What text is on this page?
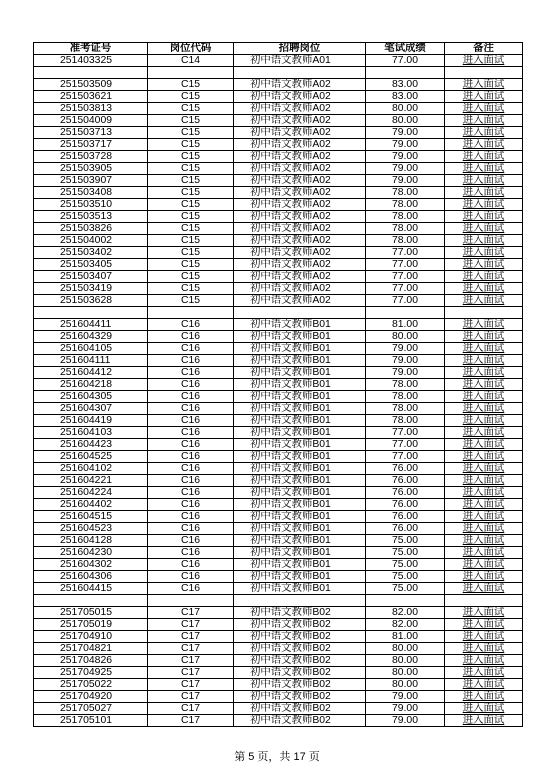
准考证号	岗位代码	招聘岗位	笔试成绩	备注
251403325	C14	初中语文教师A01	77.00	进入面试

251503509	C15	初中语文教师A02	83.00	进入面试
251503621	C15	初中语文教师A02	83.00	进入面试
251503813	C15	初中语文教师A02	80.00	进入面试
251504009	C15	初中语文教师A02	80.00	进入面试
251503713	C15	初中语文教师A02	79.00	进入面试
251503717	C15	初中语文教师A02	79.00	进入面试
251503728	C15	初中语文教师A02	79.00	进入面试
251503905	C15	初中语文教师A02	79.00	进入面试
251503907	C15	初中语文教师A02	79.00	进入面试
251503408	C15	初中语文教师A02	78.00	进入面试
251503510	C15	初中语文教师A02	78.00	进入面试
251503513	C15	初中语文教师A02	78.00	进入面试
251503826	C15	初中语文教师A02	78.00	进入面试
251504002	C15	初中语文教师A02	78.00	进入面试
251503402	C15	初中语文教师A02	77.00	进入面试
251503405	C15	初中语文教师A02	77.00	进入面试
251503407	C15	初中语文教师A02	77.00	进入面试
251503419	C15	初中语文教师A02	77.00	进入面试
251503628	C15	初中语文教师A02	77.00	进入面试

251604411	C16	初中语文教师B01	81.00	进入面试
251604329	C16	初中语文教师B01	80.00	进入面试
251604105	C16	初中语文教师B01	79.00	进入面试
251604111	C16	初中语文教师B01	79.00	进入面试
251604412	C16	初中语文教师B01	79.00	进入面试
251604218	C16	初中语文教师B01	78.00	进入面试
251604305	C16	初中语文教师B01	78.00	进入面试
251604307	C16	初中语文教师B01	78.00	进入面试
251604419	C16	初中语文教师B01	78.00	进入面试
251604103	C16	初中语文教师B01	77.00	进入面试
251604423	C16	初中语文教师B01	77.00	进入面试
251604525	C16	初中语文教师B01	77.00	进入面试
251604102	C16	初中语文教师B01	76.00	进入面试
251604221	C16	初中语文教师B01	76.00	进入面试
251604224	C16	初中语文教师B01	76.00	进入面试
251604402	C16	初中语文教师B01	76.00	进入面试
251604515	C16	初中语文教师B01	76.00	进入面试
251604523	C16	初中语文教师B01	76.00	进入面试
251604128	C16	初中语文教师B01	75.00	进入面试
251604230	C16	初中语文教师B01	75.00	进入面试
251604302	C16	初中语文教师B01	75.00	进入面试
251604306	C16	初中语文教师B01	75.00	进入面试
251604415	C16	初中语文教师B01	75.00	进入面试

251705015	C17	初中语文教师B02	82.00	进入面试
251705019	C17	初中语文教师B02	82.00	进入面试
251704910	C17	初中语文教师B02	81.00	进入面试
251704821	C17	初中语文教师B02	80.00	进入面试
251704826	C17	初中语文教师B02	80.00	进入面试
251704925	C17	初中语文教师B02	80.00	进入面试
251705022	C17	初中语文教师B02	80.00	进入面试
251704920	C17	初中语文教师B02	79.00	进入面试
251705027	C17	初中语文教师B02	79.00	进入面试
251705101	C17	初中语文教师B02	79.00	进入面试
第 5 页，共 17 页
